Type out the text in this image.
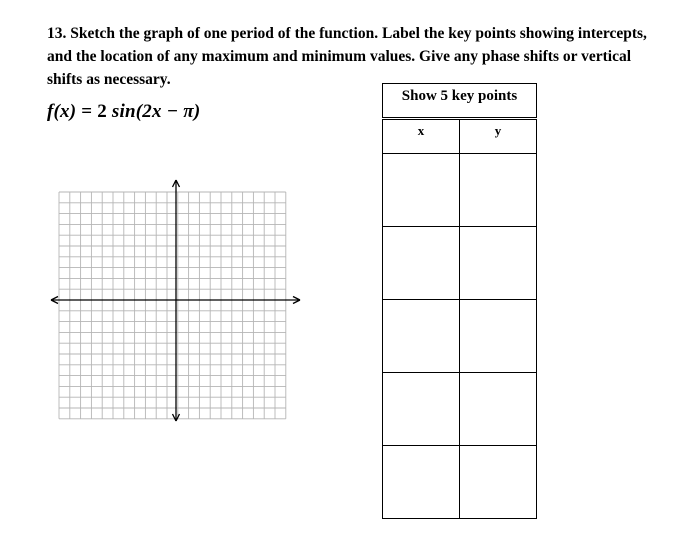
13. Sketch the graph of one period of the function. Label the key points showing intercepts,
and the location of any maximum and minimum values. Give any phase shifts or vertical
shifts as necessary.

f(x) = 2 sin(2x − π)

Show 5 key points
x	y
